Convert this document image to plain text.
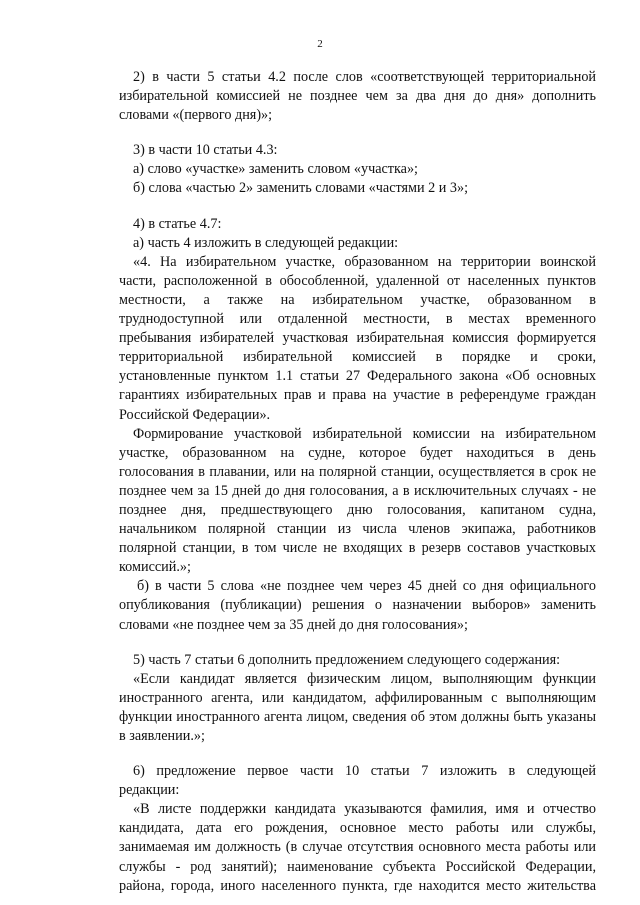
2
2) в части 5 статьи 4.2 после слов «соответствующей территориальной
избирательной комиссией не позднее чем за два дня до дня» дополнить
словами «(первого дня)»;
3) в части 10 статьи 4.3:
а) слово «участке» заменить словом «участка»;
б) слова «частью 2» заменить словами «частями 2 и 3»;
4) в статье 4.7:
а) часть 4 изложить в следующей редакции:
«4. На избирательном участке, образованном на территории воинской
части, расположенной в обособленной, удаленной от населенных пунктов
местности, а также на избирательном участке, образованном в
труднодоступной или отдаленной местности, в местах временного
пребывания избирателей участковая избирательная комиссия формируется
территориальной избирательной комиссией в порядке и сроки,
установленные пунктом 1.1 статьи 27 Федерального закона «Об основных
гарантиях избирательных прав и права на участие в референдуме граждан
Российской Федерации».
Формирование участковой избирательной комиссии на избирательном
участке, образованном на судне, которое будет находиться в день
голосования в плавании, или на полярной станции, осуществляется в срок не
позднее чем за 15 дней до дня голосования, а в исключительных случаях - не
позднее дня, предшествующего дню голосования, капитаном судна,
начальником полярной станции из числа членов экипажа, работников
полярной станции, в том числе не входящих в резерв составов участковых
комиссий.»;
б) в части 5 слова «не позднее чем через 45 дней со дня официального
опубликования (публикации) решения о назначении выборов» заменить
словами «не позднее чем за 35 дней до дня голосования»;
5) часть 7 статьи 6 дополнить предложением следующего содержания:
«Если кандидат является физическим лицом, выполняющим функции
иностранного агента, или кандидатом, аффилированным с выполняющим
функции иностранного агента лицом, сведения об этом должны быть указаны
в заявлении.»;
6) предложение первое части 10 статьи 7 изложить в следующей
редакции:
«В листе поддержки кандидата указываются фамилия, имя и отчество
кандидата, дата его рождения, основное место работы или службы,
занимаемая им должность (в случае отсутствия основного места работы или
службы - род занятий); наименование субъекта Российской Федерации,
района, города, иного населенного пункта, где находится место жительства
